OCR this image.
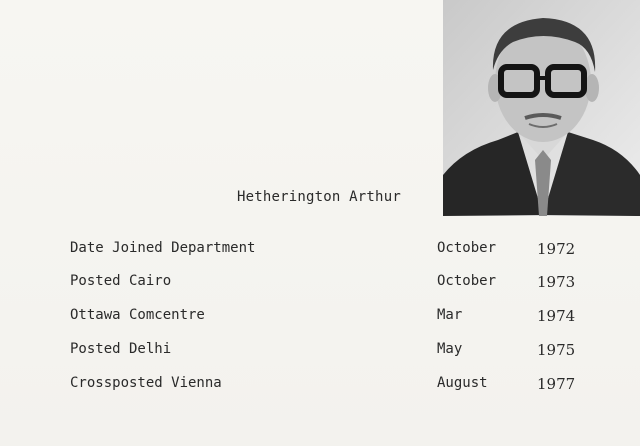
Hetherington Arthur
Date Joined Department	October	1972
Posted Cairo	October	1973
Ottawa Comcentre	Mar	1974
Posted Delhi	May	1975
Crossposted Vienna	August	1977
